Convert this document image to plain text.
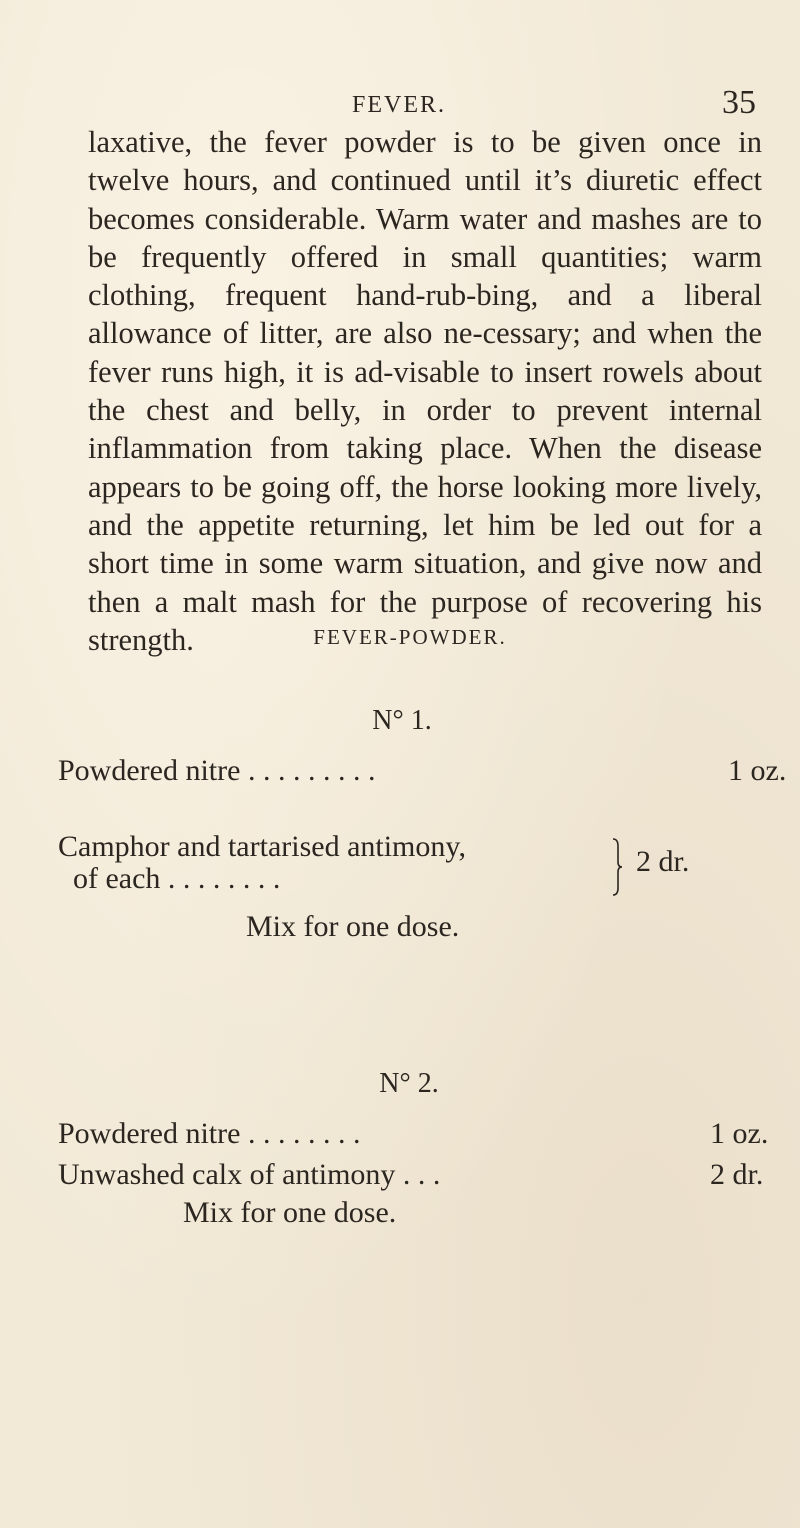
FEVER.	35

laxative, the fever powder is to be given once in twelve hours, and continued until it’s diuretic effect becomes considerable. Warm water and mashes are to be frequently offered in small quantities; warm clothing, frequent hand-rub-bing, and a liberal allowance of litter, are also ne-cessary; and when the fever runs high, it is ad-visable to insert rowels about the chest and belly, in order to prevent internal inflammation from taking place. When the disease appears to be going off, the horse looking more lively, and the appetite returning, let him be led out for a short time in some warm situation, and give now and then a malt mash for the purpose of recovering his strength.	FEVER-POWDER.
N° 1.
Powdered nitre . . . . . . . . .	1 oz.
Camphor and tartarised antimony,
of each . . . . . . . .
2 dr.
Mix for one dose.
N° 2.
Powdered nitre . . . . . . . .	1 oz.
Unwashed calx of antimony . . .	2 dr.
Mix for one dose.
